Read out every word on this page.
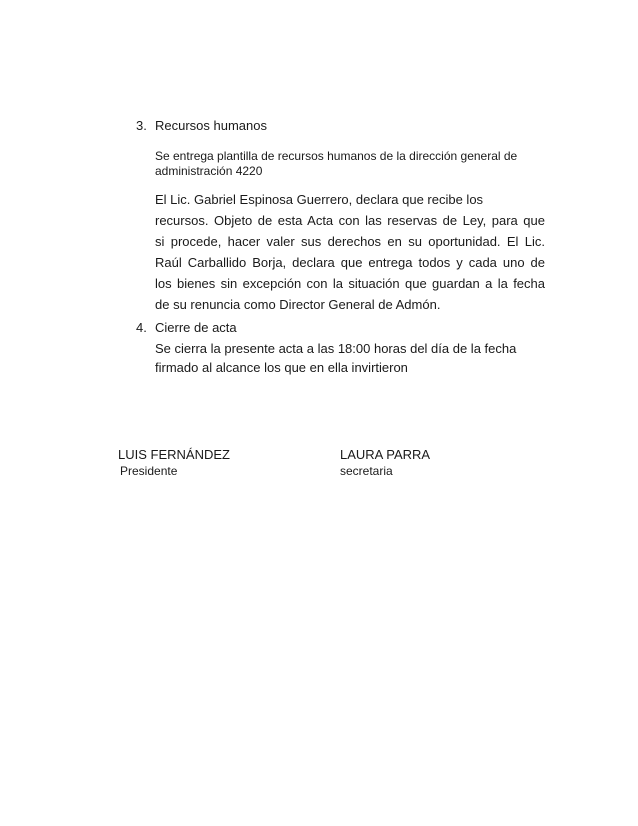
3. Recursos humanos
Se entrega plantilla de recursos humanos de la dirección general de
administración 4220
El Lic. Gabriel Espinosa Guerrero, declara que recibe los
recursos. Objeto de esta Acta con las reservas de Ley, para que
si procede, hacer valer sus derechos en su oportunidad. El Lic.
Raúl Carballido Borja, declara que entrega todos y cada uno de
los bienes sin excepción con la situación que guardan a la fecha
de su renuncia como Director General de Admón.
4. Cierre de acta
Se cierra la presente acta a las 18:00 horas del día de la fecha
firmado al alcance los que en ella invirtieron
LUIS FERNÁNDEZ
Presidente
LAURA PARRA
secretaria
